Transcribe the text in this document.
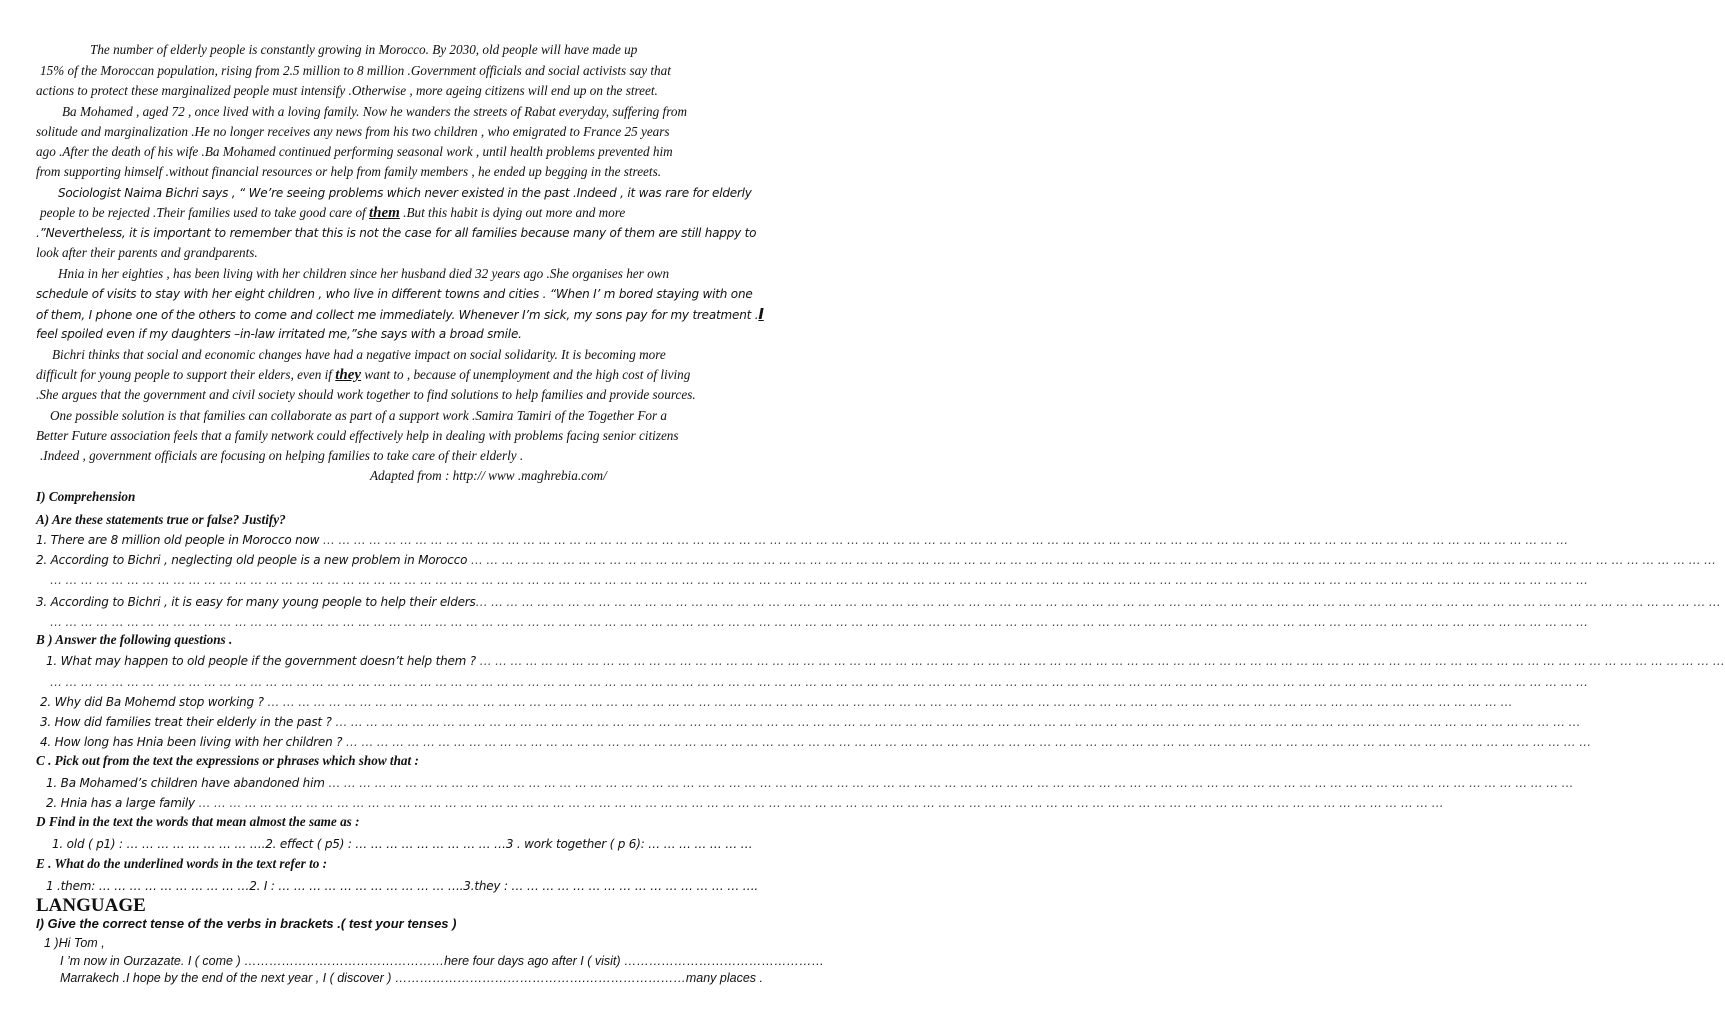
The number of elderly people is constantly growing in Morocco. By 2030, old people will have made up
15% of the Moroccan population, rising from 2.5 million to 8 million .Government officials and social activists say that
actions to protect these marginalized people must intensify .Otherwise , more ageing citizens will end up on the street.
Ba Mohamed , aged 72 , once lived with a loving family. Now he wanders the streets of Rabat everyday, suffering from
solitude and marginalization .He no longer receives any news from his two children , who emigrated to France 25 years
ago .After the death of his wife .Ba Mohamed continued performing seasonal work , until health problems prevented him
from supporting himself .without financial resources or help from family members , he ended up begging in the streets.
Sociologist Naima Bichri says , “ We’re seeing problems which never existed in the past .Indeed , it was rare for elderly
people to be rejected .Their families used to take good care of them .But this habit is dying out more and more
.”Nevertheless, it is important to remember that this is not the case for all families because many of them are still happy to
look after their parents and grandparents.
Hnia in her eighties , has been living with her children since her husband died 32 years ago .She organises her own
schedule of visits to stay with her eight children , who live in different towns and cities . “When I’ m bored staying with one
of them, I phone one of the others to come and collect me immediately. Whenever I’m sick, my sons pay for my treatment .I
feel spoiled even if my daughters –in-law irritated me,”she says with a broad smile.
Bichri thinks that social and economic changes have had a negative impact on social solidarity. It is becoming more
difficult for young people to support their elders, even if they want to , because of unemployment and the high cost of living
.She argues that the government and civil society should work together to find solutions to help families and provide sources.
One possible solution is that families can collaborate as part of a support work .Samira Tamiri of the Together For a
Better Future association feels that a family network could effectively help in dealing with problems facing senior citizens
.Indeed , government officials are focusing on helping families to take care of their elderly .
Adapted from : http:// www .maghrebia.com/
I) Comprehension
A) Are these statements true or false? Justify?
1. There are 8 million old people in Morocco now … … … … … … … … … … … … … … … … … … … … … … … … … … … … … … … … … … … … … … … … … … … … … … … … … … … … … … … … … … … … … … … … … … … … … … … … … … … … … … … … …
2. According to Bichri , neglecting old people is a new problem in Morocco … … … … … … … … … … … … … … … … … … … … … … … … … … … … … … … … … … … … … … … … … … … … … … … … … … … … … … … … … … … … … … … … … … … … … … … … … … … … … … … … …
… … … … … … … … … … … … … … … … … … … … … … … … … … … … … … … … … … … … … … … … … … … … … … … … … … … … … … … … … … … … … … … … … … … … … … … … … … … … … … … … … … … … … … … … … … … … … … … … … … … …
3. According to Bichri , it is easy for many young people to help their elders… … … … … … … … … … … … … … … … … … … … … … … … … … … … … … … … … … … … … … … … … … … … … … … … … … … … … … … … … … … … … … … … … … … … … … … … … … … … … … … … …
… … … … … … … … … … … … … … … … … … … … … … … … … … … … … … … … … … … … … … … … … … … … … … … … … … … … … … … … … … … … … … … … … … … … … … … … … … … … … … … … … … … … … … … … … … … … … … … … … … … …
B ) Answer the following questions .
1. What may happen to old people if the government doesn’t help them ? … … … … … … … … … … … … … … … … … … … … … … … … … … … … … … … … … … … … … … … … … … … … … … … … … … … … … … … … … … … … … … … … … … … … … … … … … … … … … … … … …
… … … … … … … … … … … … … … … … … … … … … … … … … … … … … … … … … … … … … … … … … … … … … … … … … … … … … … … … … … … … … … … … … … … … … … … … … … … … … … … … … … … … … … … … … … … … … … … … … … … …
2. Why did Ba Mohemd stop working ? … … … … … … … … … … … … … … … … … … … … … … … … … … … … … … … … … … … … … … … … … … … … … … … … … … … … … … … … … … … … … … … … … … … … … … … … … … … … … … … … …
3. How did families treat their elderly in the past ? … … … … … … … … … … … … … … … … … … … … … … … … … … … … … … … … … … … … … … … … … … … … … … … … … … … … … … … … … … … … … … … … … … … … … … … … … … … … … … … … …
4. How long has Hnia been living with her children ? … … … … … … … … … … … … … … … … … … … … … … … … … … … … … … … … … … … … … … … … … … … … … … … … … … … … … … … … … … … … … … … … … … … … … … … … … … … … … … … … …
C . Pick out from the text the expressions or phrases which show that :
1. Ba Mohamed’s children have abandoned him … … … … … … … … … … … … … … … … … … … … … … … … … … … … … … … … … … … … … … … … … … … … … … … … … … … … … … … … … … … … … … … … … … … … … … … … … … … … … … … … …
2. Hnia has a large family … … … … … … … … … … … … … … … … … … … … … … … … … … … … … … … … … … … … … … … … … … … … … … … … … … … … … … … … … … … … … … … … … … … … … … … … … … … … … … … … …
D Find in the text the words that mean almost the same as :
1. old ( p1) : … … … … … … … … ….2. effect ( p5) : … … … … … … … … … …3 . work together ( p 6): … … … … … … …
E . What do the underlined words in the text refer to :
1 .them: … … … … … … … … … …2. I : … … … … … … … … … … … ….3.they : … … … … … … … … … … … … … … … ….
LANGUAGE
I) Give the correct tense of the verbs in brackets .( test your tenses )
1 )Hi Tom ,
I ’m now in Ourzazate. I ( come ) …………………………………………here four days ago after I ( visit) …………………………………………
Marrakech .I hope by the end of the next year , I ( discover ) ……………………………………….……………………many places .
